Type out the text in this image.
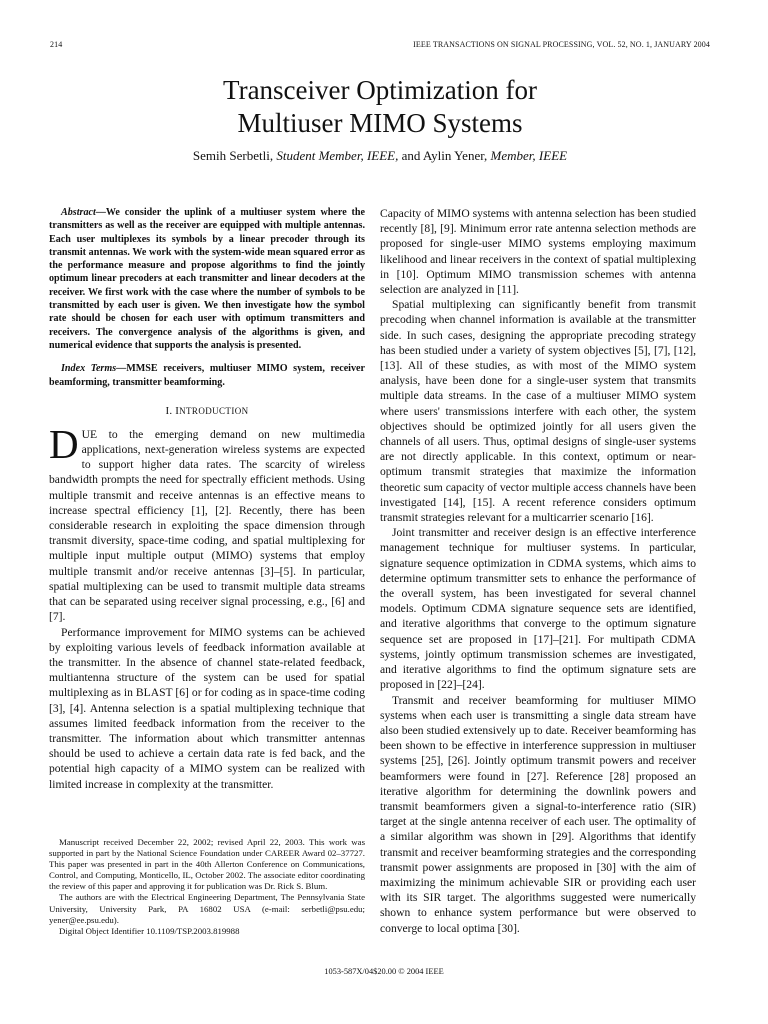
214	IEEE TRANSACTIONS ON SIGNAL PROCESSING, VOL. 52, NO. 1, JANUARY 2004
Transceiver Optimization for
Multiuser MIMO Systems
Semih Serbetli, Student Member, IEEE, and Aylin Yener, Member, IEEE

Abstract—We consider the uplink of a multiuser system where the transmitters as well as the receiver are equipped with multiple antennas. Each user multiplexes its symbols by a linear precoder through its transmit antennas. We work with the system-wide mean squared error as the performance measure and propose algorithms to find the jointly optimum linear precoders at each transmitter and linear decoders at the receiver. We first work with the case where the number of symbols to be transmitted by each user is given. We then investigate how the symbol rate should be chosen for each user with optimum transmitters and receivers. The convergence analysis of the algorithms is given, and numerical evidence that supports the analysis is presented.

Index Terms—MMSE receivers, multiuser MIMO system, receiver beamforming, transmitter beamforming.

I. INTRODUCTION

DUE to the emerging demand on new multimedia applications, next-generation wireless systems are expected to support higher data rates. The scarcity of wireless bandwidth prompts the need for spectrally efficient methods. Using multiple transmit and receive antennas is an effective means to increase spectral efficiency [1], [2]. Recently, there has been considerable research in exploiting the space dimension through transmit diversity, space-time coding, and spatial multiplexing for multiple input multiple output (MIMO) systems that employ multiple transmit and/or receive antennas [3]–[5]. In particular, spatial multiplexing can be used to transmit multiple data streams that can be separated using receiver signal processing, e.g., [6] and [7].

Performance improvement for MIMO systems can be achieved by exploiting various levels of feedback information available at the transmitter. In the absence of channel state-related feedback, multiantenna structure of the system can be used for spatial multiplexing as in BLAST [6] or for coding as in space-time coding [3], [4]. Antenna selection is a spatial multiplexing technique that assumes limited feedback information from the receiver to the transmitter. The information about which transmitter antennas should be used to achieve a certain data rate is fed back, and the potential high capacity of a MIMO system can be realized with limited increase in complexity at the transmitter.

Capacity of MIMO systems with antenna selection has been studied recently [8], [9]. Minimum error rate antenna selection methods are proposed for single-user MIMO systems employing maximum likelihood and linear receivers in the context of spatial multiplexing in [10]. Optimum MIMO transmission schemes with antenna selection are analyzed in [11].

Spatial multiplexing can significantly benefit from transmit precoding when channel information is available at the transmitter side. In such cases, designing the appropriate precoding strategy has been studied under a variety of system objectives [5], [7], [12], [13]. All of these studies, as with most of the MIMO system analysis, have been done for a single-user system that transmits multiple data streams. In the case of a multiuser MIMO system where users' transmissions interfere with each other, the system objectives should be optimized jointly for all users given the channels of all users. Thus, optimal designs of single-user systems are not directly applicable. In this context, optimum or near-optimum transmit strategies that maximize the information theoretic sum capacity of vector multiple access channels have been investigated [14], [15]. A recent reference considers optimum transmit strategies relevant for a multicarrier scenario [16].

Joint transmitter and receiver design is an effective interference management technique for multiuser systems. In particular, signature sequence optimization in CDMA systems, which aims to determine optimum transmitter sets to enhance the performance of the overall system, has been investigated for several channel models. Optimum CDMA signature sequence sets are identified, and iterative algorithms that converge to the optimum signature sequence set are proposed in [17]–[21]. For multipath CDMA systems, jointly optimum transmission schemes are investigated, and iterative algorithms to find the optimum signature sets are proposed in [22]–[24].

Transmit and receiver beamforming for multiuser MIMO systems when each user is transmitting a single data stream have also been studied extensively up to date. Receiver beamforming has been shown to be effective in interference suppression in multiuser systems [25], [26]. Jointly optimum transmit powers and receiver beamformers were found in [27]. Reference [28] proposed an iterative algorithm for determining the downlink powers and transmit beamformers given a signal-to-interference ratio (SIR) target at the single antenna receiver of each user. The optimality of a similar algorithm was shown in [29]. Algorithms that identify transmit and receiver beamforming strategies and the corresponding transmit power assignments are proposed in [30] with the aim of maximizing the minimum achievable SIR or providing each user with its SIR target. The algorithms suggested were numerically shown to enhance system performance but were observed to converge to local optima [30].

Manuscript received December 22, 2002; revised April 22, 2003. This work was supported in part by the National Science Foundation under CAREER Award 02–37727. This paper was presented in part in the 40th Allerton Conference on Communications, Control, and Computing, Monticello, IL, October 2002. The associate editor coordinating the review of this paper and approving it for publication was Dr. Rick S. Blum.

The authors are with the Electrical Engineering Department, The Pennsylvania State University, University Park, PA 16802 USA (e-mail: serbetli@psu.edu; yener@ee.psu.edu).

Digital Object Identifier 10.1109/TSP.2003.819988

1053-587X/04$20.00 © 2004 IEEE
